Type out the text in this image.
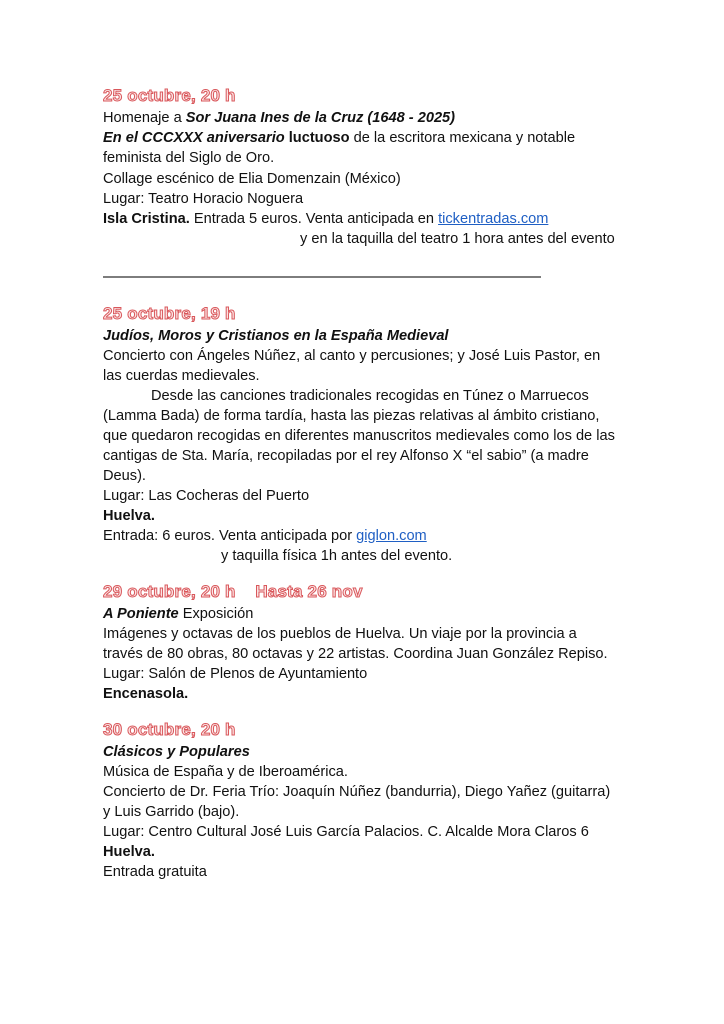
25 octubre, 20 h
Homenaje a Sor Juana Ines de la Cruz (1648 - 2025)
En el CCCXXX aniversario luctuoso de la escritora mexicana y notable
feminista del Siglo de Oro.
Collage escénico de Elia Domenzain (México)
Lugar: Teatro Horacio Noguera
Isla Cristina. Entrada 5 euros. Venta anticipada en tickentradas.com
y en la taquilla del teatro 1 hora antes del evento
25 octubre, 19 h
Judíos, Moros y Cristianos en la España Medieval
Concierto con Ángeles Núñez, al canto y percusiones; y José Luis Pastor, en
las cuerdas medievales.
Desde las canciones tradicionales recogidas en Túnez o Marruecos
(Lamma Bada) de forma tardía, hasta las piezas relativas al ámbito cristiano,
que quedaron recogidas en diferentes manuscritos medievales como los de las
cantigas de Sta. María, recopiladas por el rey Alfonso X “el sabio” (a madre
Deus).
Lugar: Las Cocheras del Puerto
Huelva.
Entrada: 6 euros. Venta anticipada por giglon.com
y taquilla física 1h antes del evento.
29 octubre, 20 h    Hasta 26 nov
A Poniente Exposición
Imágenes y octavas de los pueblos de Huelva. Un viaje por la provincia a
través de 80 obras, 80 octavas y 22 artistas. Coordina Juan González Repiso.
Lugar: Salón de Plenos de Ayuntamiento
Encenasola.
30 octubre, 20 h
Clásicos y Populares
Música de España y de Iberoamérica.
Concierto de Dr. Feria Trío: Joaquín Núñez (bandurria), Diego Yañez (guitarra)
y Luis Garrido (bajo).
Lugar: Centro Cultural José Luis García Palacios. C. Alcalde Mora Claros 6
Huelva.
Entrada gratuita
